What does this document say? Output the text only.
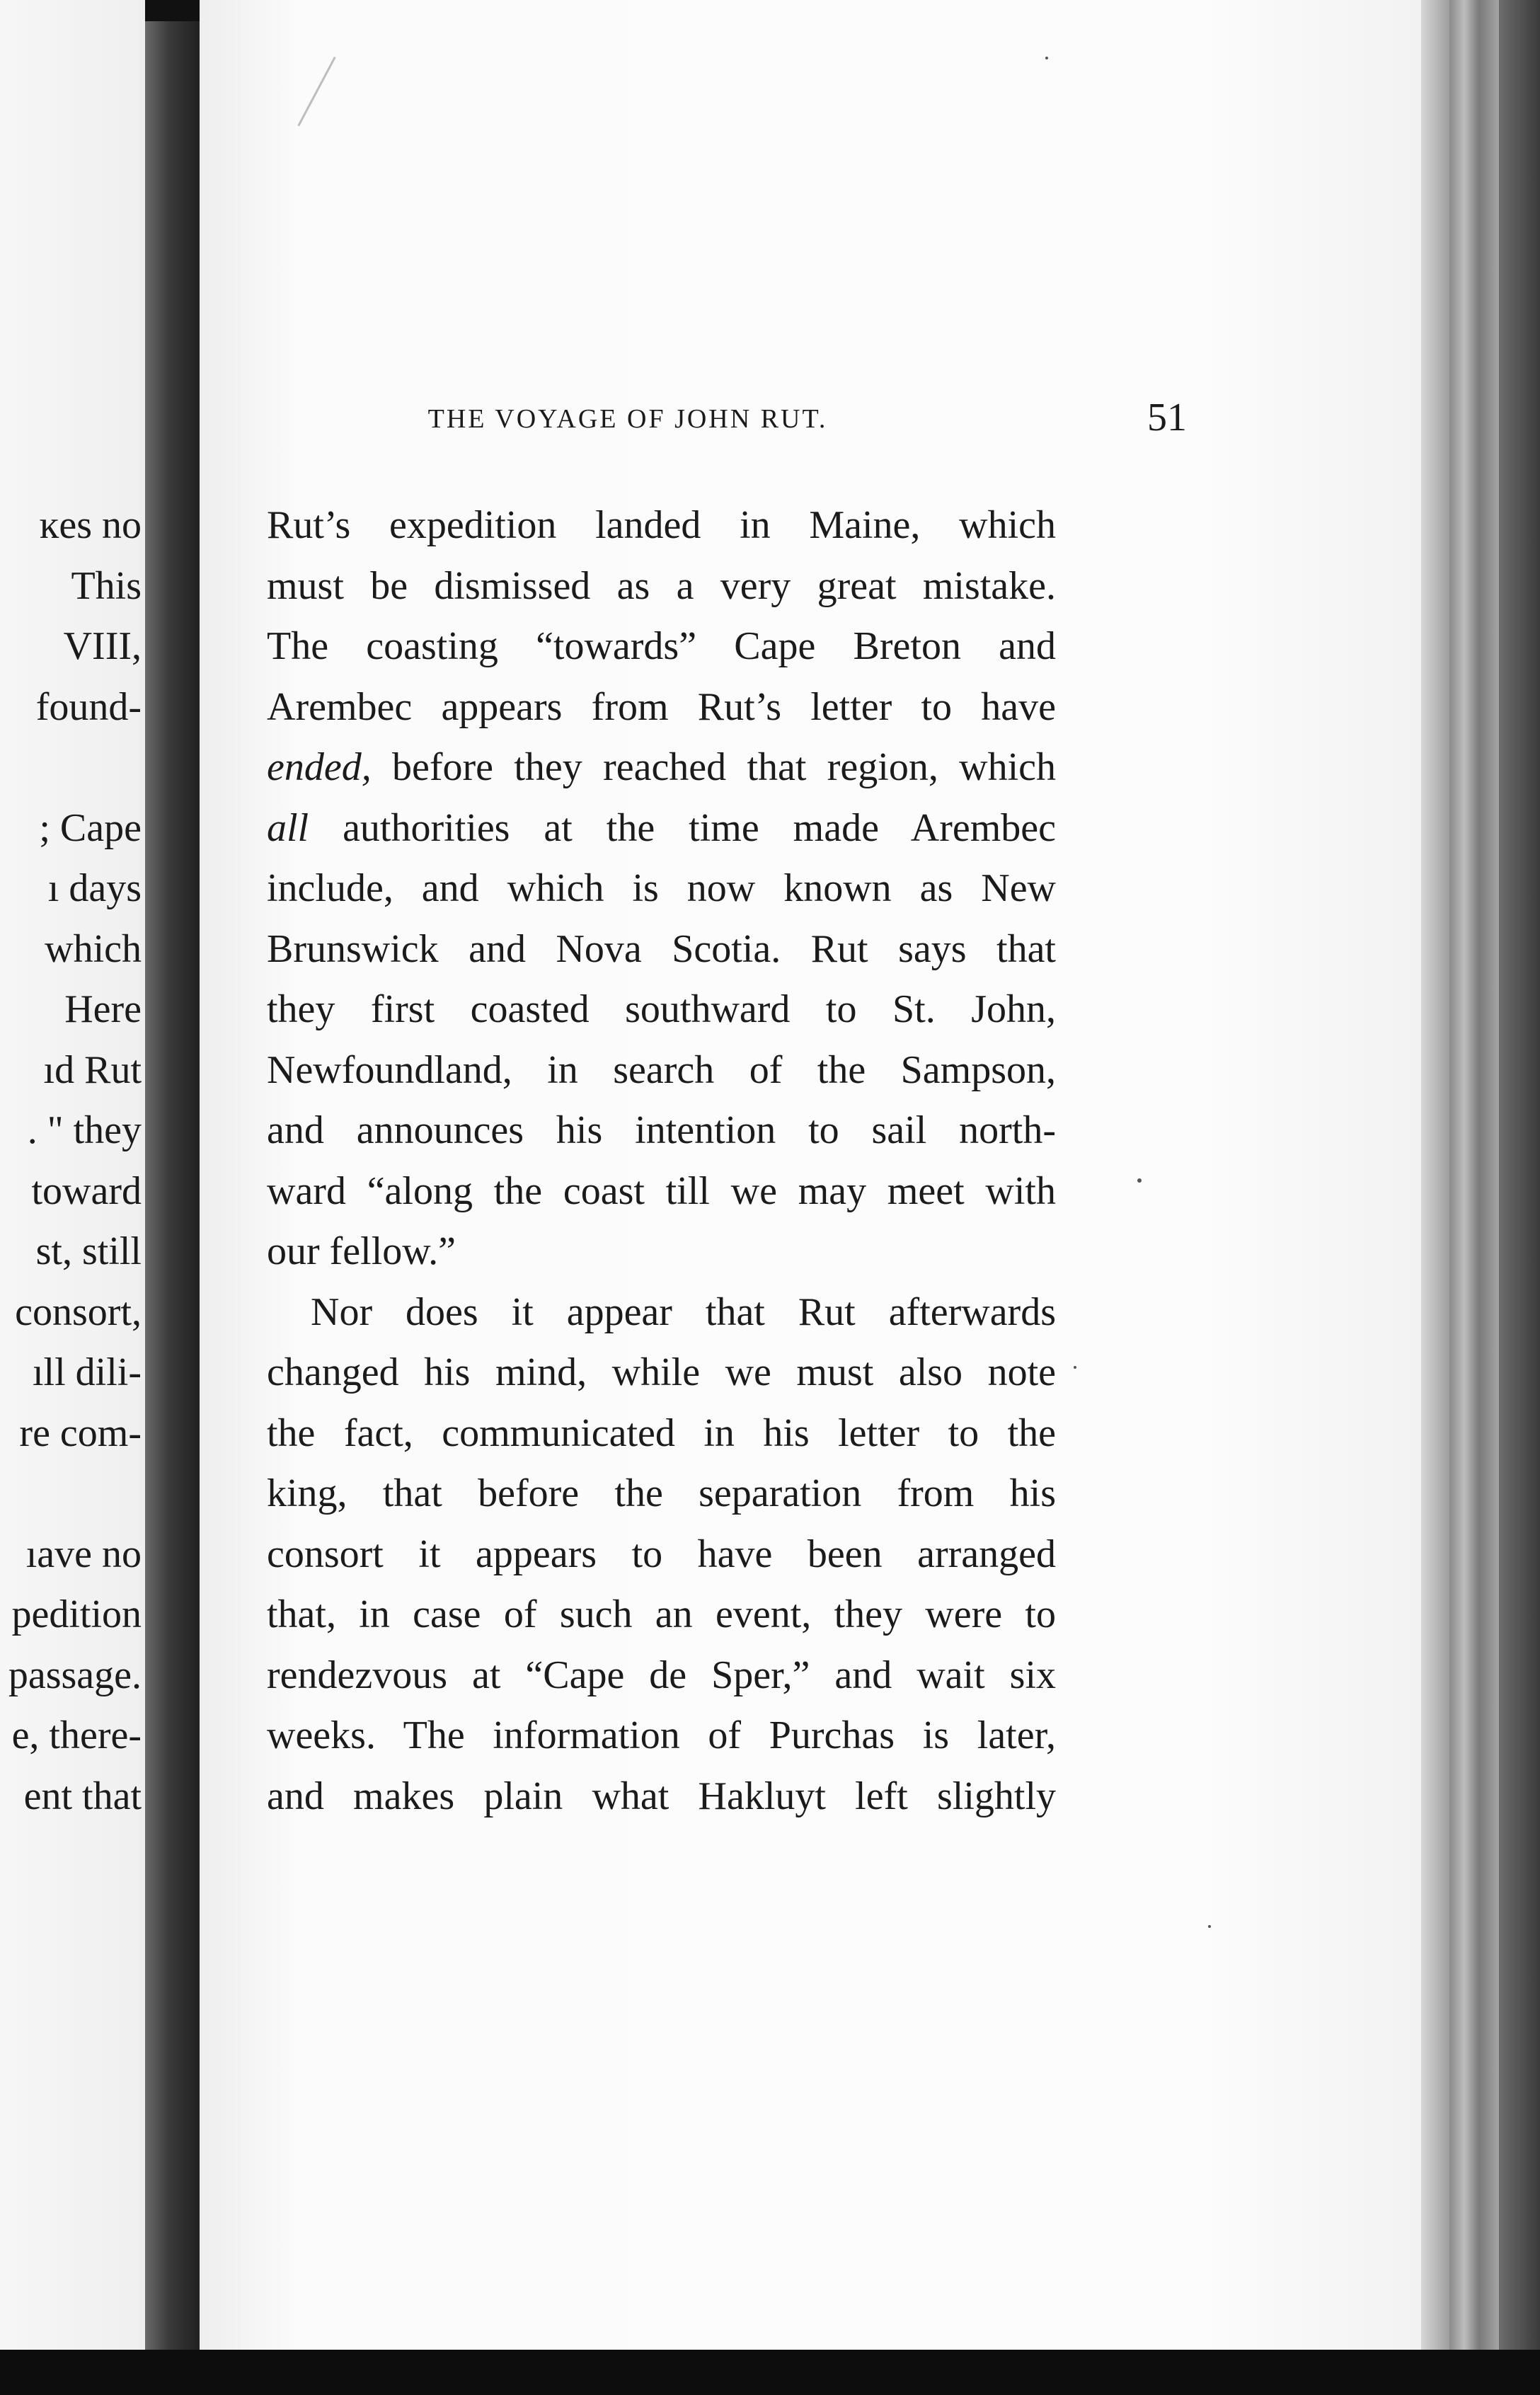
ĸes no
This
VIII,
found-
; Cape
ı days
which
Here
ıd Rut
. " they
toward
st, still
consort,
ıll dili-
re com-
ıave no
pedition
passage.
e, there-
ent that
THE VOYAGE OF JOHN RUT.	51
Rut’s expedition landed in Maine, which
must be dismissed as a very great mistake.
The coasting “towards” Cape Breton and
Arembec appears from Rut’s letter to have
ended, before they reached that region, which
all authorities at the time made Arembec
include, and which is now known as New
Brunswick and Nova Scotia. Rut says that
they first coasted southward to St. John,
Newfoundland, in search of the Sampson,
and announces his intention to sail north-
ward “along the coast till we may meet with
our fellow.”
Nor does it appear that Rut afterwards
changed his mind, while we must also note
the fact, communicated in his letter to the
king, that before the separation from his
consort it appears to have been arranged
that, in case of such an event, they were to
rendezvous at “Cape de Sper,” and wait six
weeks. The information of Purchas is later,
and makes plain what Hakluyt left slightly
